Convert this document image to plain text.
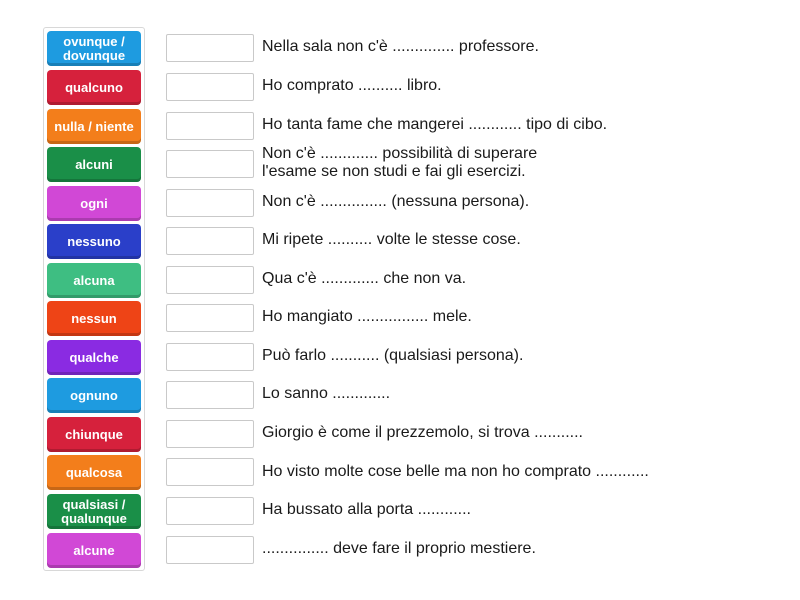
ovunque / dovunque
qualcuno
nulla / niente
alcuni
ogni
nessuno
alcuna
nessun
qualche
ognuno
chiunque
qualcosa
qualsiasi / qualunque
alcune
Nella sala non c'è .............. professore.
Ho comprato .......... libro.
Ho tanta fame che mangerei ............ tipo di cibo.
Non c'è ............. possibilità di superare
l'esame se non studi e fai gli esercizi.
Non c'è ............... (nessuna persona).
Mi ripete .......... volte le stesse cose.
Qua c'è ............. che non va.
Ho mangiato ................ mele.
Può farlo ........... (qualsiasi persona).
Lo sanno .............
Giorgio è come il prezzemolo, si trova ...........
Ho visto molte cose belle ma non ho comprato ............
Ha bussato alla porta ............
............... deve fare il proprio mestiere.
